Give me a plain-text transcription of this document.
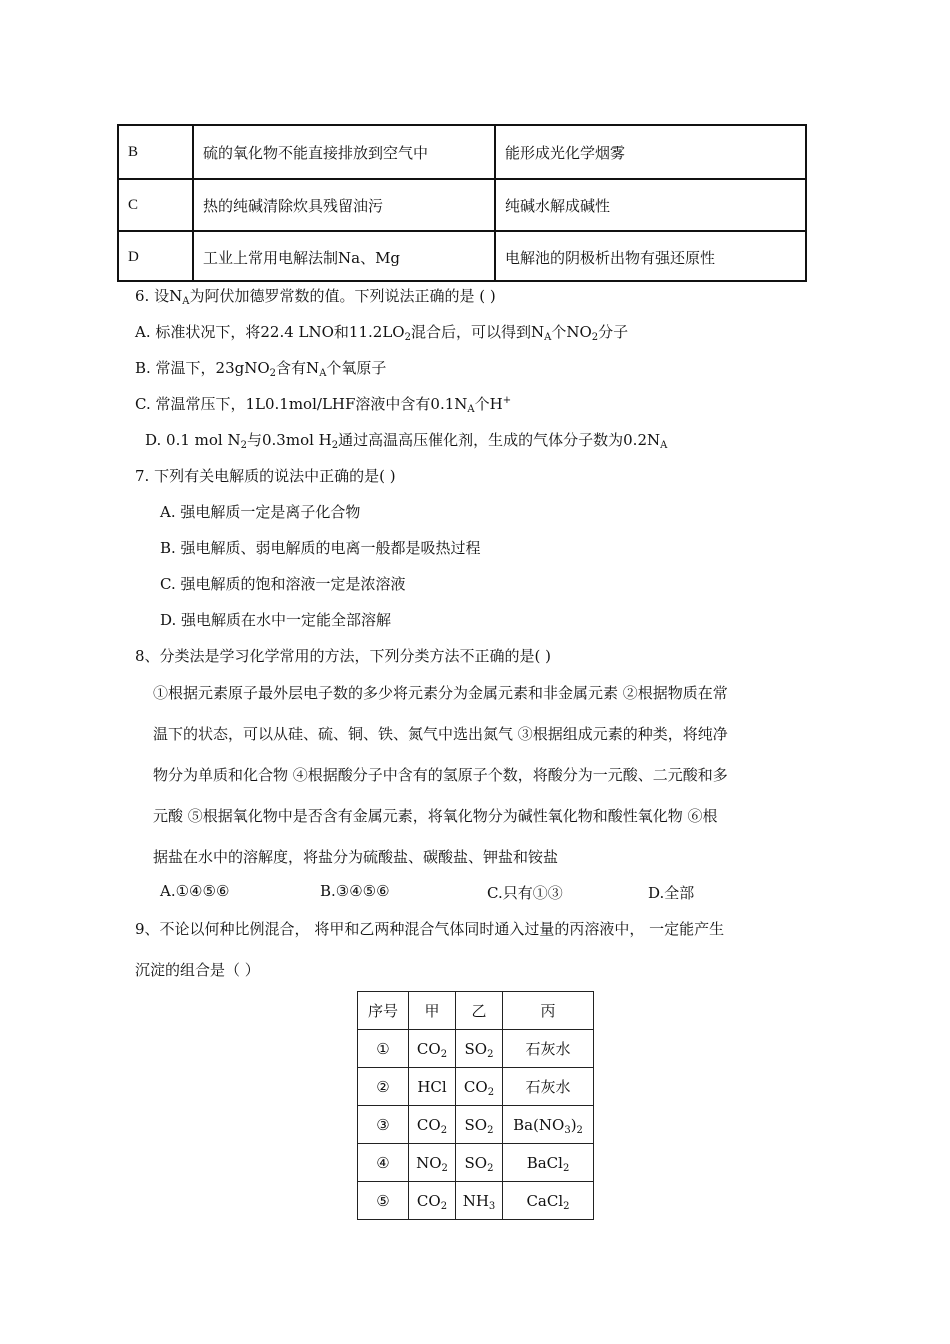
B	硫的氧化物不能直接排放到空气中	能形成光化学烟雾
C	热的纯碱清除炊具残留油污	纯碱水解成碱性
D	工业上常用电解法制Na、Mg	电解池的阴极析出物有强还原性
6. 设$N_A$为阿伏加德罗常数的值。下列说法正确的是 ( )
A. 标准状况下，将22.4 LNO和$11.2LO_2$混合后，可以得到$N_A$个$NO_2$分子
B. 常温下，23gNO$_2$含有$N_A$个氧原子
C. 常温常压下，1L0.1mol/LHF溶液中含有$0.1N_A$个H+
D. 0.1 mol $N_2$与0.3mol $H_2$通过高温高压催化剂，生成的气体分子数为$0.2N_A$
7. 下列有关电解质的说法中正确的是( )
A. 强电解质一定是离子化合物
B. 强电解质、弱电解质的电离一般都是吸热过程
C. 强电解质的饱和溶液一定是浓溶液
D. 强电解质在水中一定能全部溶解
8、分类法是学习化学常用的方法，下列分类方法不正确的是( )
①根据元素原子最外层电子数的多少将元素分为金属元素和非金属元素 ②根据物质在常
温下的状态，可以从硅、硫、铜、铁、氮气中选出氮气 ③根据组成元素的种类，将纯净
物分为单质和化合物 ④根据酸分子中含有的氢原子个数，将酸分为一元酸、二元酸和多
元酸 ⑤根据氧化物中是否含有金属元素，将氧化物分为碱性氧化物和酸性氧化物 ⑥根
据盐在水中的溶解度，将盐分为硫酸盐、碳酸盐、钾盐和铵盐
A.①④⑤⑥	B.③④⑤⑥	C.只有①③	D.全部
9、不论以何种比例混合， 将甲和乙两种混合气体同时通入过量的丙溶液中， 一定能产生
沉淀的组合是（ ）
序号	甲	乙	丙
①	$CO_2$	$SO_2$	石灰水
②	HCl	$CO_2$	石灰水
③	$CO_2$	$SO_2$	$Ba(NO_3)_2$
④	$NO_2$	$SO_2$	BaCl$_2$
⑤	$CO_2$	$NH_3$	CaCl$_2$
